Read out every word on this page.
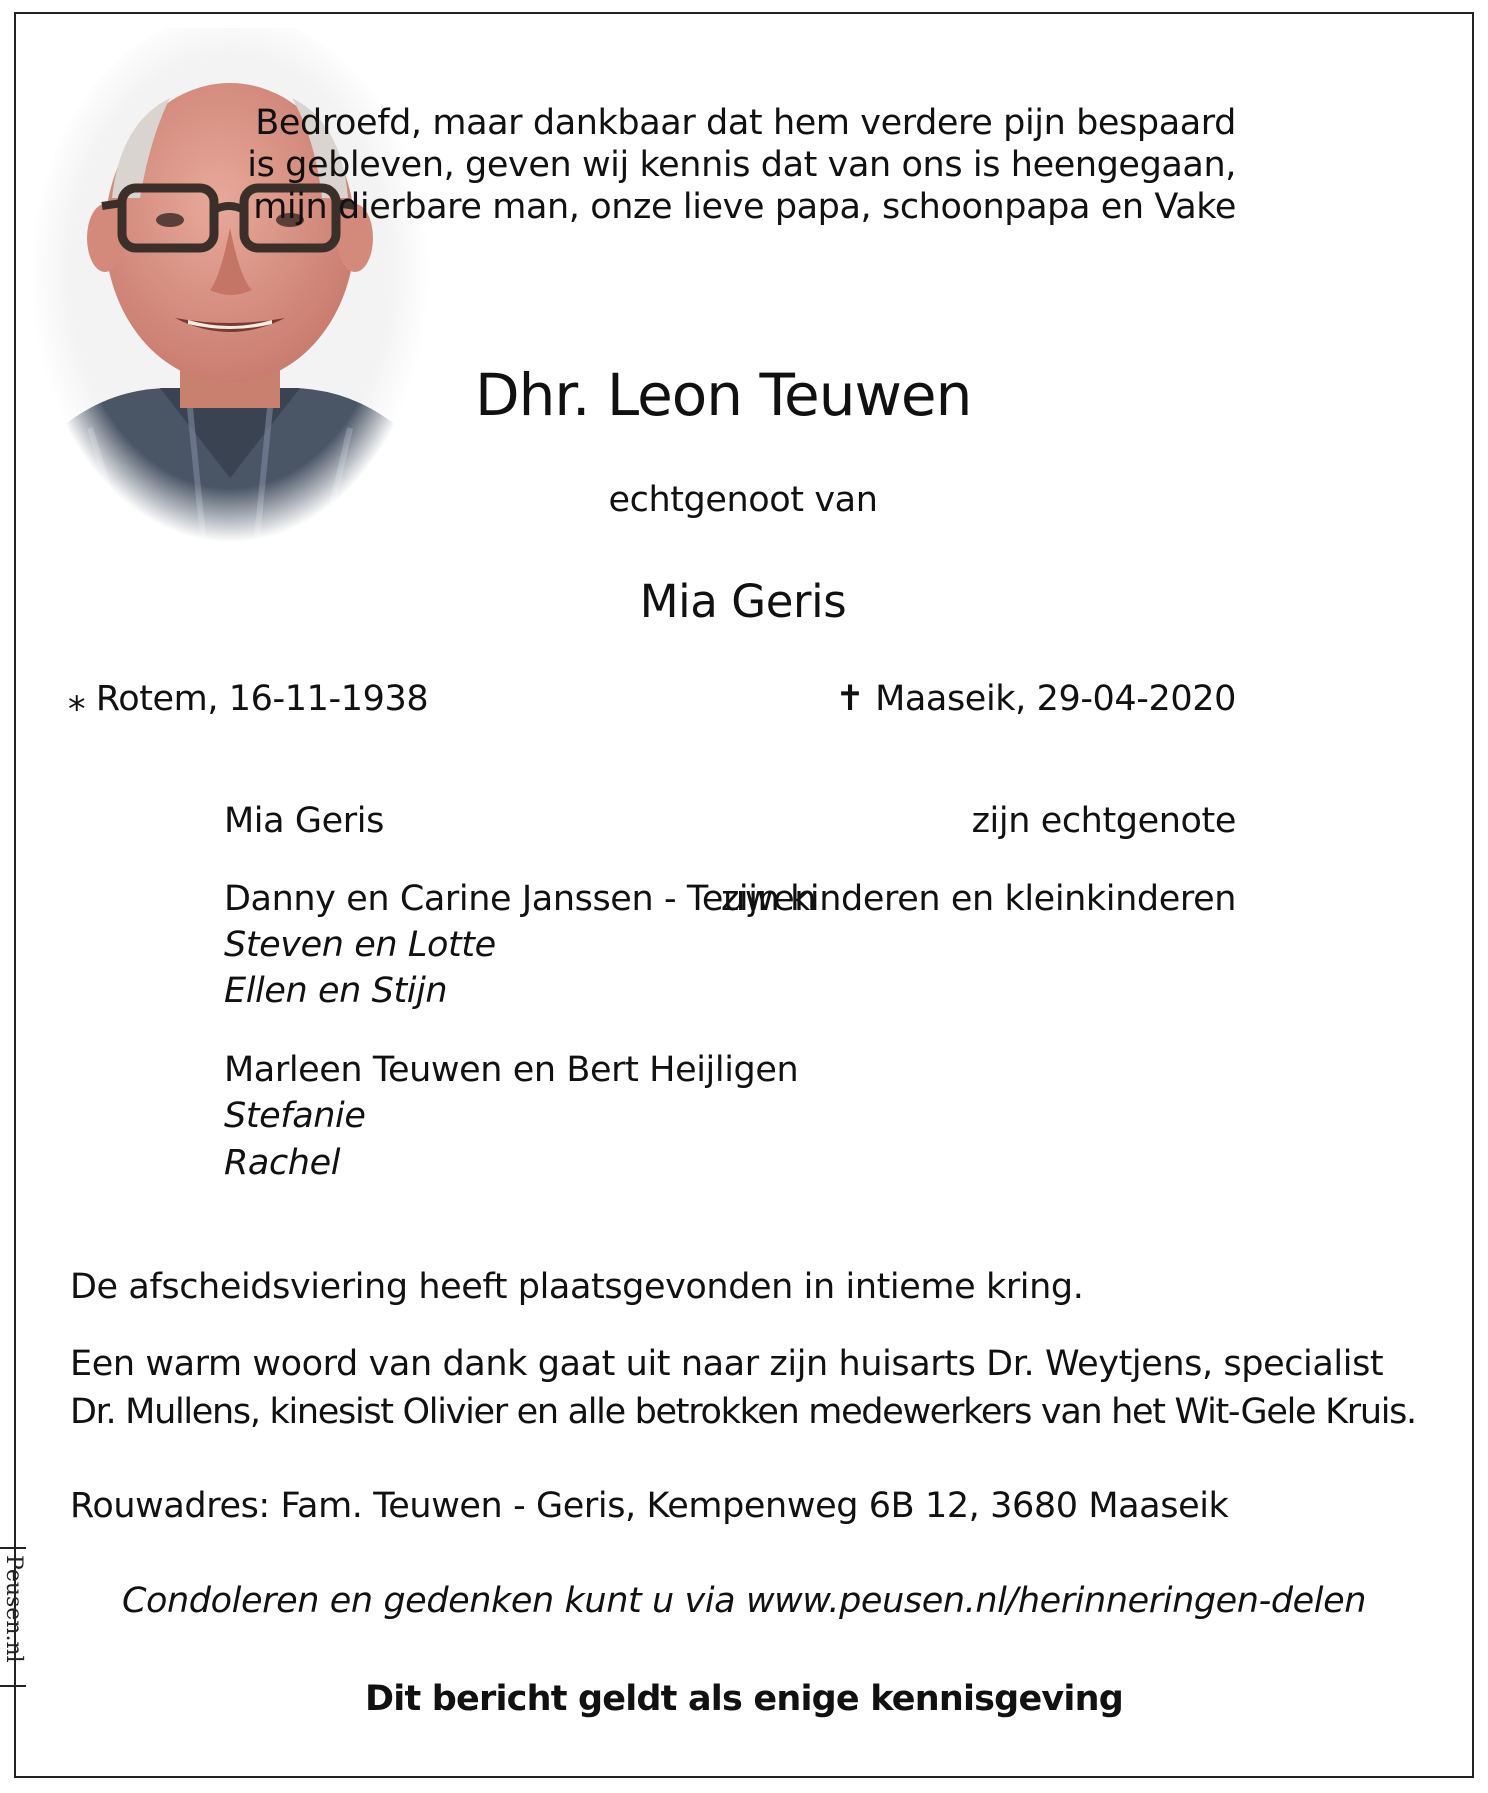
Bedroefd, maar dankbaar dat hem verdere pijn bespaard
is gebleven, geven wij kennis dat van ons is heengegaan,
mijn dierbare man, onze lieve papa, schoonpapa en Vake
Dhr. Leon Teuwen
echtgenoot van
Mia Geris
⁎ Rotem, 16-11-1938	✝ Maaseik, 29-04-2020
Mia Geris	zijn echtgenote
Danny en Carine Janssen - Teuwen
zijn kinderen en kleinkinderen
Steven en Lotte
Ellen en Stijn
Marleen Teuwen en Bert Heijligen
Stefanie
Rachel
De afscheidsviering heeft plaatsgevonden in intieme kring.
Een warm woord van dank gaat uit naar zijn huisarts Dr. Weytjens, specialist
Dr. Mullens, kinesist Olivier en alle betrokken medewerkers van het Wit-Gele Kruis.
Rouwadres: Fam. Teuwen - Geris, Kempenweg 6B 12, 3680 Maaseik
Condoleren en gedenken kunt u via www.peusen.nl/herinneringen-delen
Dit bericht geldt als enige kennisgeving
Peusen.nl
